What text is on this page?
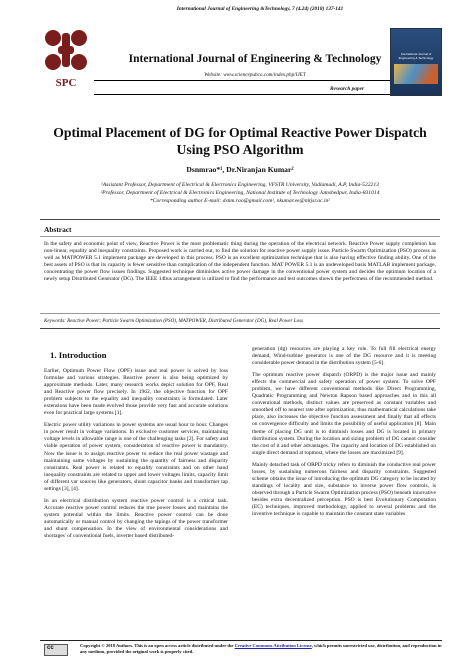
International Journal of Engineering &Technology, 7 (4.24) (2018) 137-141
SPC
International Journal of Engineering & Technology
Website: www.sciencepubco.com/index.php/IJET
Research paper
International Journal of Engineering & Technology
Optimal Placement of DG for Optimal Reactive Power Dispatch
Using PSO Algorithm
Dsnmrao*¹, Dr.Niranjan Kumar²
¹Assistant Professor, Department of Electrical & Electronics Engineering, VFSTR University, Vadlamudi, A.P, India-522213
²Professor, Department of Electrical & Electronics Engineering, National Institute of Technology Jamshedpur, India-831014
*Corresponding author E-mail: dsnm.rao@gmail.com¹, nkumar.ee@nitjsr.ac.in²
Abstract
In the safety and economic point of view, Reactive Power is the most problematic thing during the operation of the electrical network. Reactive Power supply completion has non-linear, equality and inequality constraints. Proposed work is carried out, to find the solution for reactive power supply issue. Particle Swarm Optimization (PSO) process as well as MATPOWER 5.1 implement package are developed in this process. PSO is an excellent optimization technique that is also having effective finding ability. One of the best assets of PSO is that its capacity is fewer sensitive than complication of the independent function. MAT POWER 5.1 is an undeveloped basis MATLAB implement package, concentrating the power flow issues findings. Suggested technique diminishes active power damage in the conventional power system and decides the optimum location of a newly setup Distributed Generator (DG). The IEEE 14bus arrangement is utilized to find the performance and test outcomes shown the perfectness of the recommended method.
Keywords: Reactive Power; Particle Swarm Optimization (PSO), MATPOWER, Distributed Generator (DG), Real Power Loss
1. Introduction

Earlier, Optimum Power Flow (OPF) issue and real power is solved by loss formulae and various strategies. Reactive power is also being optimized by approximate methods. Later, many research works depict solution for OPF, Real and Reactive power flow precisely. In 1962, the objective function for OPF problem subjects to the equality and inequality constraints is formulated. Later extensions have been made evolved those provide very fast and accurate solutions even for practical large systems [1].

Electric power utility variations in power systems are usual hour to hour. Changes in power result in voltage variations. In exclusive customer services, maintaining voltage levels in allowable range is one of the challenging tasks [2]. For safety and viable operation of power system, consideration of reactive power is mandatory. Now the issue is to assign reactive power to reduce the real power wastage and maintaining same voltages by sustaining the quantity of fairness and disparity constraints. Real power is related to equality constraints and on other hand inequality constraints are related to upper and lower voltages limits, capacity limit of different var sources like generators, shunt capacitor banks and transformer tap settings [3], [4].

In an electrical distribution system reactive power control is a critical task. Accurate reactive power control reduces the true power losses and maintains the system potential within the limits. Reactive power control can be done automatically or manual control by changing the tapings of the power transformer and shunt compensation. In the view of environmental considerations and shortages' of conventional fuels, inverter based distributed-

generation (dg) resources are playing a key role. To full fill electrical energy demand, Wind-turbine generator is one of the DG resource and it is meeting considerable power demand in the distribution system [5-6].

The optimum reactive power dispatch (ORPD) is the major issue and mainly effects the commercial and safety operation of power system. To solve OPF problem, we have different conventional methods like Direct Programming, Quadratic Programming and Newton Rapson based approaches and in this all conventional methods, distinct values are preserved as constant variables and smoothed off to nearest rate after optimization, thus mathematical calculations take place, also increases the objective function assessment and finally that all effects on convergence difficulty and limits the possibility of useful application [8]. Main theme of placing DG unit is to diminish losses and DG is located in primary distribution system. During the location and sizing problem of DG cannot consider the cost of it and other advantages. The capacity and location of DG established on single direct demand at topmost, where the losses are maximized [9].

Mainly detached task of ORPD tricky refers to diminish the conductive real power losses, by sustaining numerous fairness and disparity constraints. Suggested scheme obtains the issue of introducing the optimum DG category to be located by standings of locality and size, substance to inverse power flow controls, is observed through a Particle Swarm Optimization process (PSO) beneath innovative besides extra decentralized perception. PSO is best Evolutionary Computation (EC) techniques, improved methodology, applied to several problems and the inventive technique is capable to maintain the constant state variables

cc	Copyright © 2018 Authors. This is an open access article distributed under the Creative Commons Attribution License, which permits unrestricted use, distribution, and reproduction in any medium, provided the original work is properly cited.
